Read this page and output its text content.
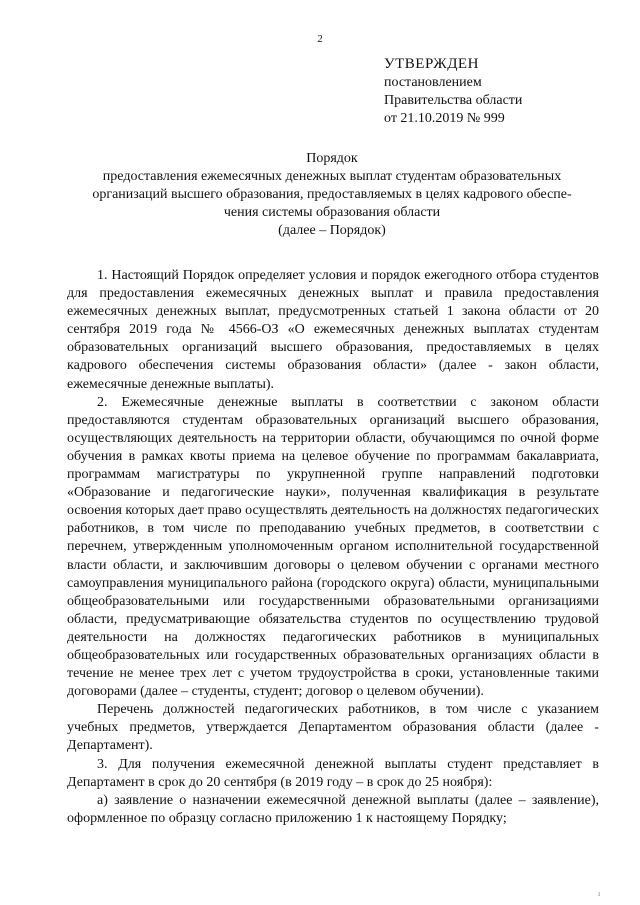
2
УТВЕРЖДЕН
постановлением
Правительства области
от 21.10.2019 № 999
Порядок
предоставления ежемесячных денежных выплат студентам образовательных
организаций высшего образования, предоставляемых в целях кадрового обеспе-
чения системы образования области
(далее – Порядок)

1. Настоящий Порядок определяет условия и порядок ежегодного отбора студентов для предоставления ежемесячных денежных выплат и правила предоставления ежемесячных денежных выплат, предусмотренных статьей 1 закона области от 20 сентября 2019 года № 4566-ОЗ «О ежемесячных денежных выплатах студентам образовательных организаций высшего образования, предоставляемых в целях кадрового обеспечения системы образования области» (далее - закон области, ежемесячные денежные выплаты).

2. Ежемесячные денежные выплаты в соответствии с законом области предоставляются студентам образовательных организаций высшего образования, осуществляющих деятельность на территории области, обучающимся по очной форме обучения в рамках квоты приема на целевое обучение по программам бакалавриата, программам магистратуры по укрупненной группе направлений подготовки «Образование и педагогические науки», полученная квалификация в результате освоения которых дает право осуществлять деятельность на должностях педагогических работников, в том числе по преподаванию учебных предметов, в соответствии с перечнем, утвержденным уполномоченным органом исполнительной государственной власти области, и заключившим договоры о целевом обучении с органами местного самоуправления муниципального района (городского округа) области, муниципальными общеобразовательными или государственными образовательными организациями области, предусматривающие обязательства студентов по осуществлению трудовой деятельности на должностях педагогических работников в муниципальных общеобразовательных или государственных образовательных организациях области в течение не менее трех лет с учетом трудоустройства в сроки, установленные такими договорами (далее – студенты, студент; договор о целевом обучении).

Перечень должностей педагогических работников, в том числе с указанием учебных предметов, утверждается Департаментом образования области (далее - Департамент).

3. Для получения ежемесячной денежной выплаты студент представляет в Департамент в срок до 20 сентября (в 2019 году – в срок до 25 ноября):

а) заявление о назначении ежемесячной денежной выплаты (далее – заявление), оформленное по образцу согласно приложению 1 к настоящему Порядку;

ı
